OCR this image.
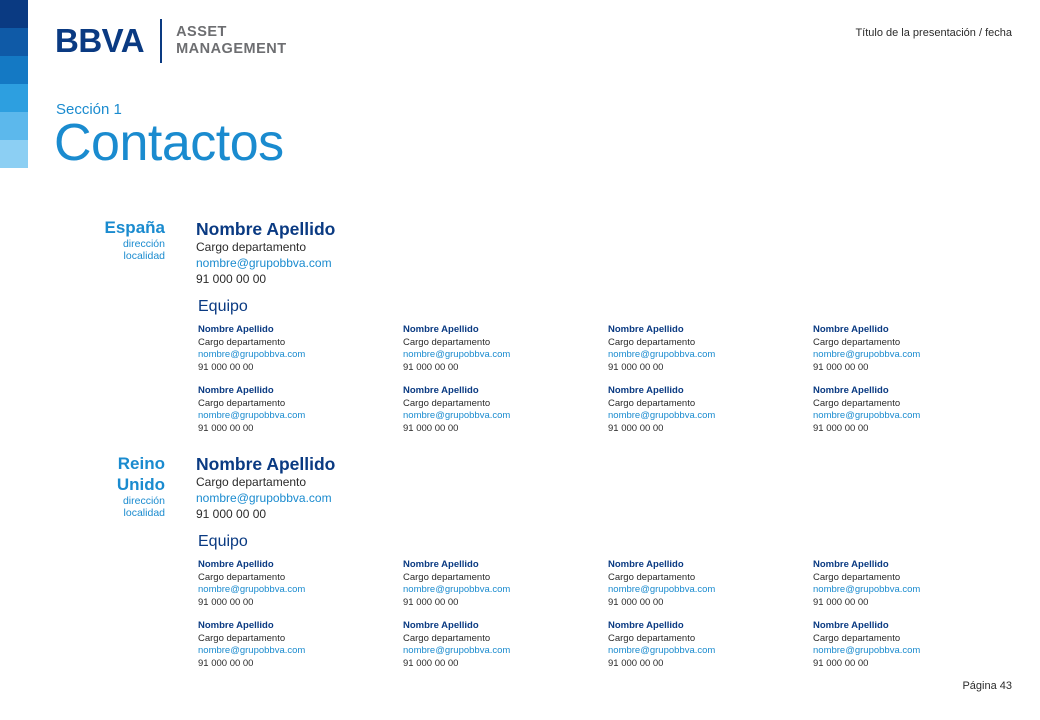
BBVA ASSET
MANAGEMENT
Título de la presentación / fecha
Sección 1
Contactos
España
dirección
localidad
Nombre Apellido
Cargo departamento
nombre@grupobbva.com
91 000 00 00
Equipo
Nombre Apellido
Cargo departamento
nombre@grupobbva.com
91 000 00 00
Nombre Apellido
Cargo departamento
nombre@grupobbva.com
91 000 00 00
Nombre Apellido
Cargo departamento
nombre@grupobbva.com
91 000 00 00
Nombre Apellido
Cargo departamento
nombre@grupobbva.com
91 000 00 00
Nombre Apellido
Cargo departamento
nombre@grupobbva.com
91 000 00 00
Nombre Apellido
Cargo departamento
nombre@grupobbva.com
91 000 00 00
Nombre Apellido
Cargo departamento
nombre@grupobbva.com
91 000 00 00
Nombre Apellido
Cargo departamento
nombre@grupobbva.com
91 000 00 00
Reino
Unido
dirección
localidad
Nombre Apellido
Cargo departamento
nombre@grupobbva.com
91 000 00 00
Equipo
Nombre Apellido
Cargo departamento
nombre@grupobbva.com
91 000 00 00
Nombre Apellido
Cargo departamento
nombre@grupobbva.com
91 000 00 00
Nombre Apellido
Cargo departamento
nombre@grupobbva.com
91 000 00 00
Nombre Apellido
Cargo departamento
nombre@grupobbva.com
91 000 00 00
Nombre Apellido
Cargo departamento
nombre@grupobbva.com
91 000 00 00
Nombre Apellido
Cargo departamento
nombre@grupobbva.com
91 000 00 00
Nombre Apellido
Cargo departamento
nombre@grupobbva.com
91 000 00 00
Nombre Apellido
Cargo departamento
nombre@grupobbva.com
91 000 00 00
Página 43
